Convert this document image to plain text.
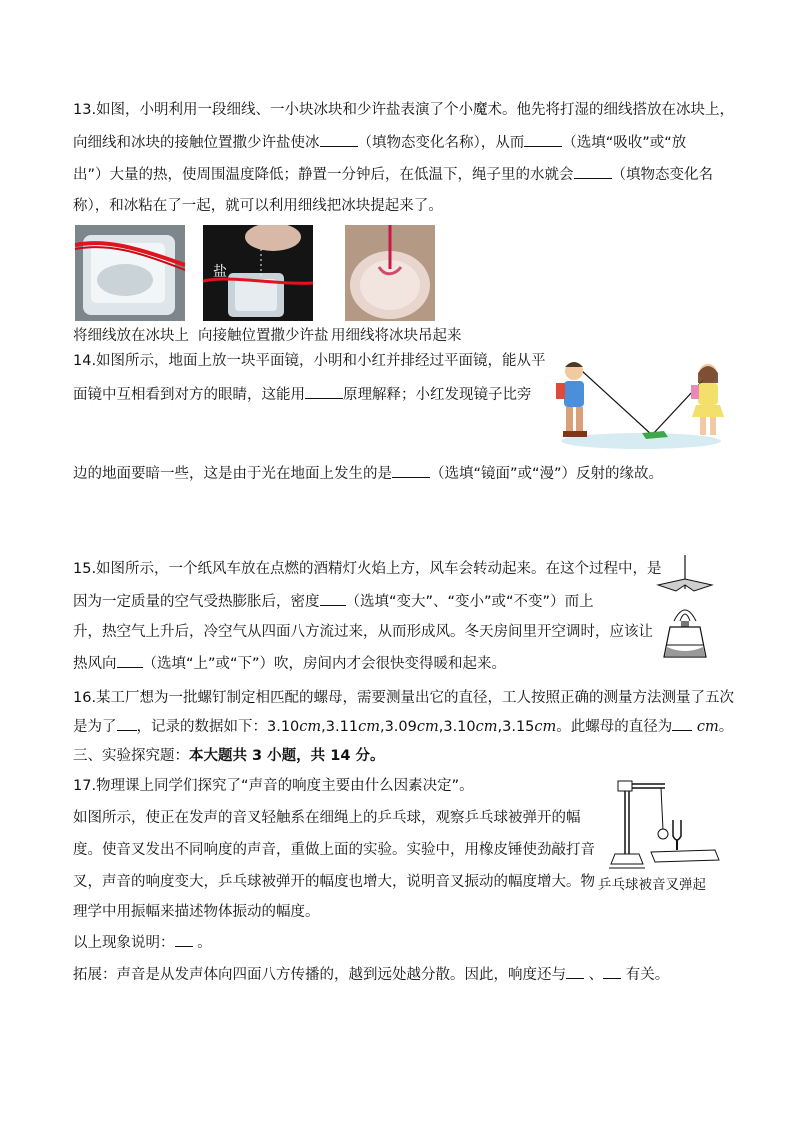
13.如图，小明利用一段细线、一小块冰块和少许盐表演了个小魔术。他先将打湿的细线搭放在冰块上，
向细线和冰块的接触位置撒少许盐使冰	（填物态变化名称），从而	（选填“吸收”或“放
出”）大量的热，使周围温度降低；静置一分钟后，在低温下，绳子里的水就会	（填物态变化名
称），和冰粘在了一起，就可以利用细线把冰块提起来了。
盐
将细线放在冰块上 向接触位置撒少许盐 用细线将冰块吊起来
14.如图所示，地面上放一块平面镜，小明和小红并排经过平面镜，能从平
面镜中互相看到对方的眼睛，这能用	原理解释；小红发现镜子比旁
边的地面要暗一些，这是由于光在地面上发生的是	（选填“镜面”或“漫”）反射的缘故。
15.如图所示，一个纸风车放在点燃的酒精灯火焰上方，风车会转动起来。在这个过程中，是
因为一定质量的空气受热膨胀后，密度 （选填“变大”、“变小”或“不变”）而上
升，热空气上升后，冷空气从四面八方流过来，从而形成风。冬天房间里开空调时，应该让
热风向 （选填“上”或“下”）吹，房间内才会很快变得暖和起来。
16.某工厂想为一批螺钉制定相匹配的螺母，需要测量出它的直径，工人按照正确的测量方法测量了五次
是为了 ，记录的数据如下：3.10cm,3.11cm,3.09cm,3.10cm,3.15cm。此螺母的直径为 cm。
三、实验探究题：本大题共 3 小题，共 14 分。
17.物理课上同学们探究了“声音的响度主要由什么因素决定”。
如图所示，使正在发声的音叉轻触系在细绳上的乒乓球，观察乒乓球被弹开的幅
度。使音叉发出不同响度的声音，重做上面的实验。实验中，用橡皮锤使劲敲打音
叉，声音的响度变大，乒乓球被弹开的幅度也增大，说明音叉振动的幅度增大。物
理学中用振幅来描述物体振动的幅度。
以上现象说明： 。
拓展：声音是从发声体向四面八方传播的，越到远处越分散。因此，响度还与 、 有关。
乒乓球被音叉弹起
